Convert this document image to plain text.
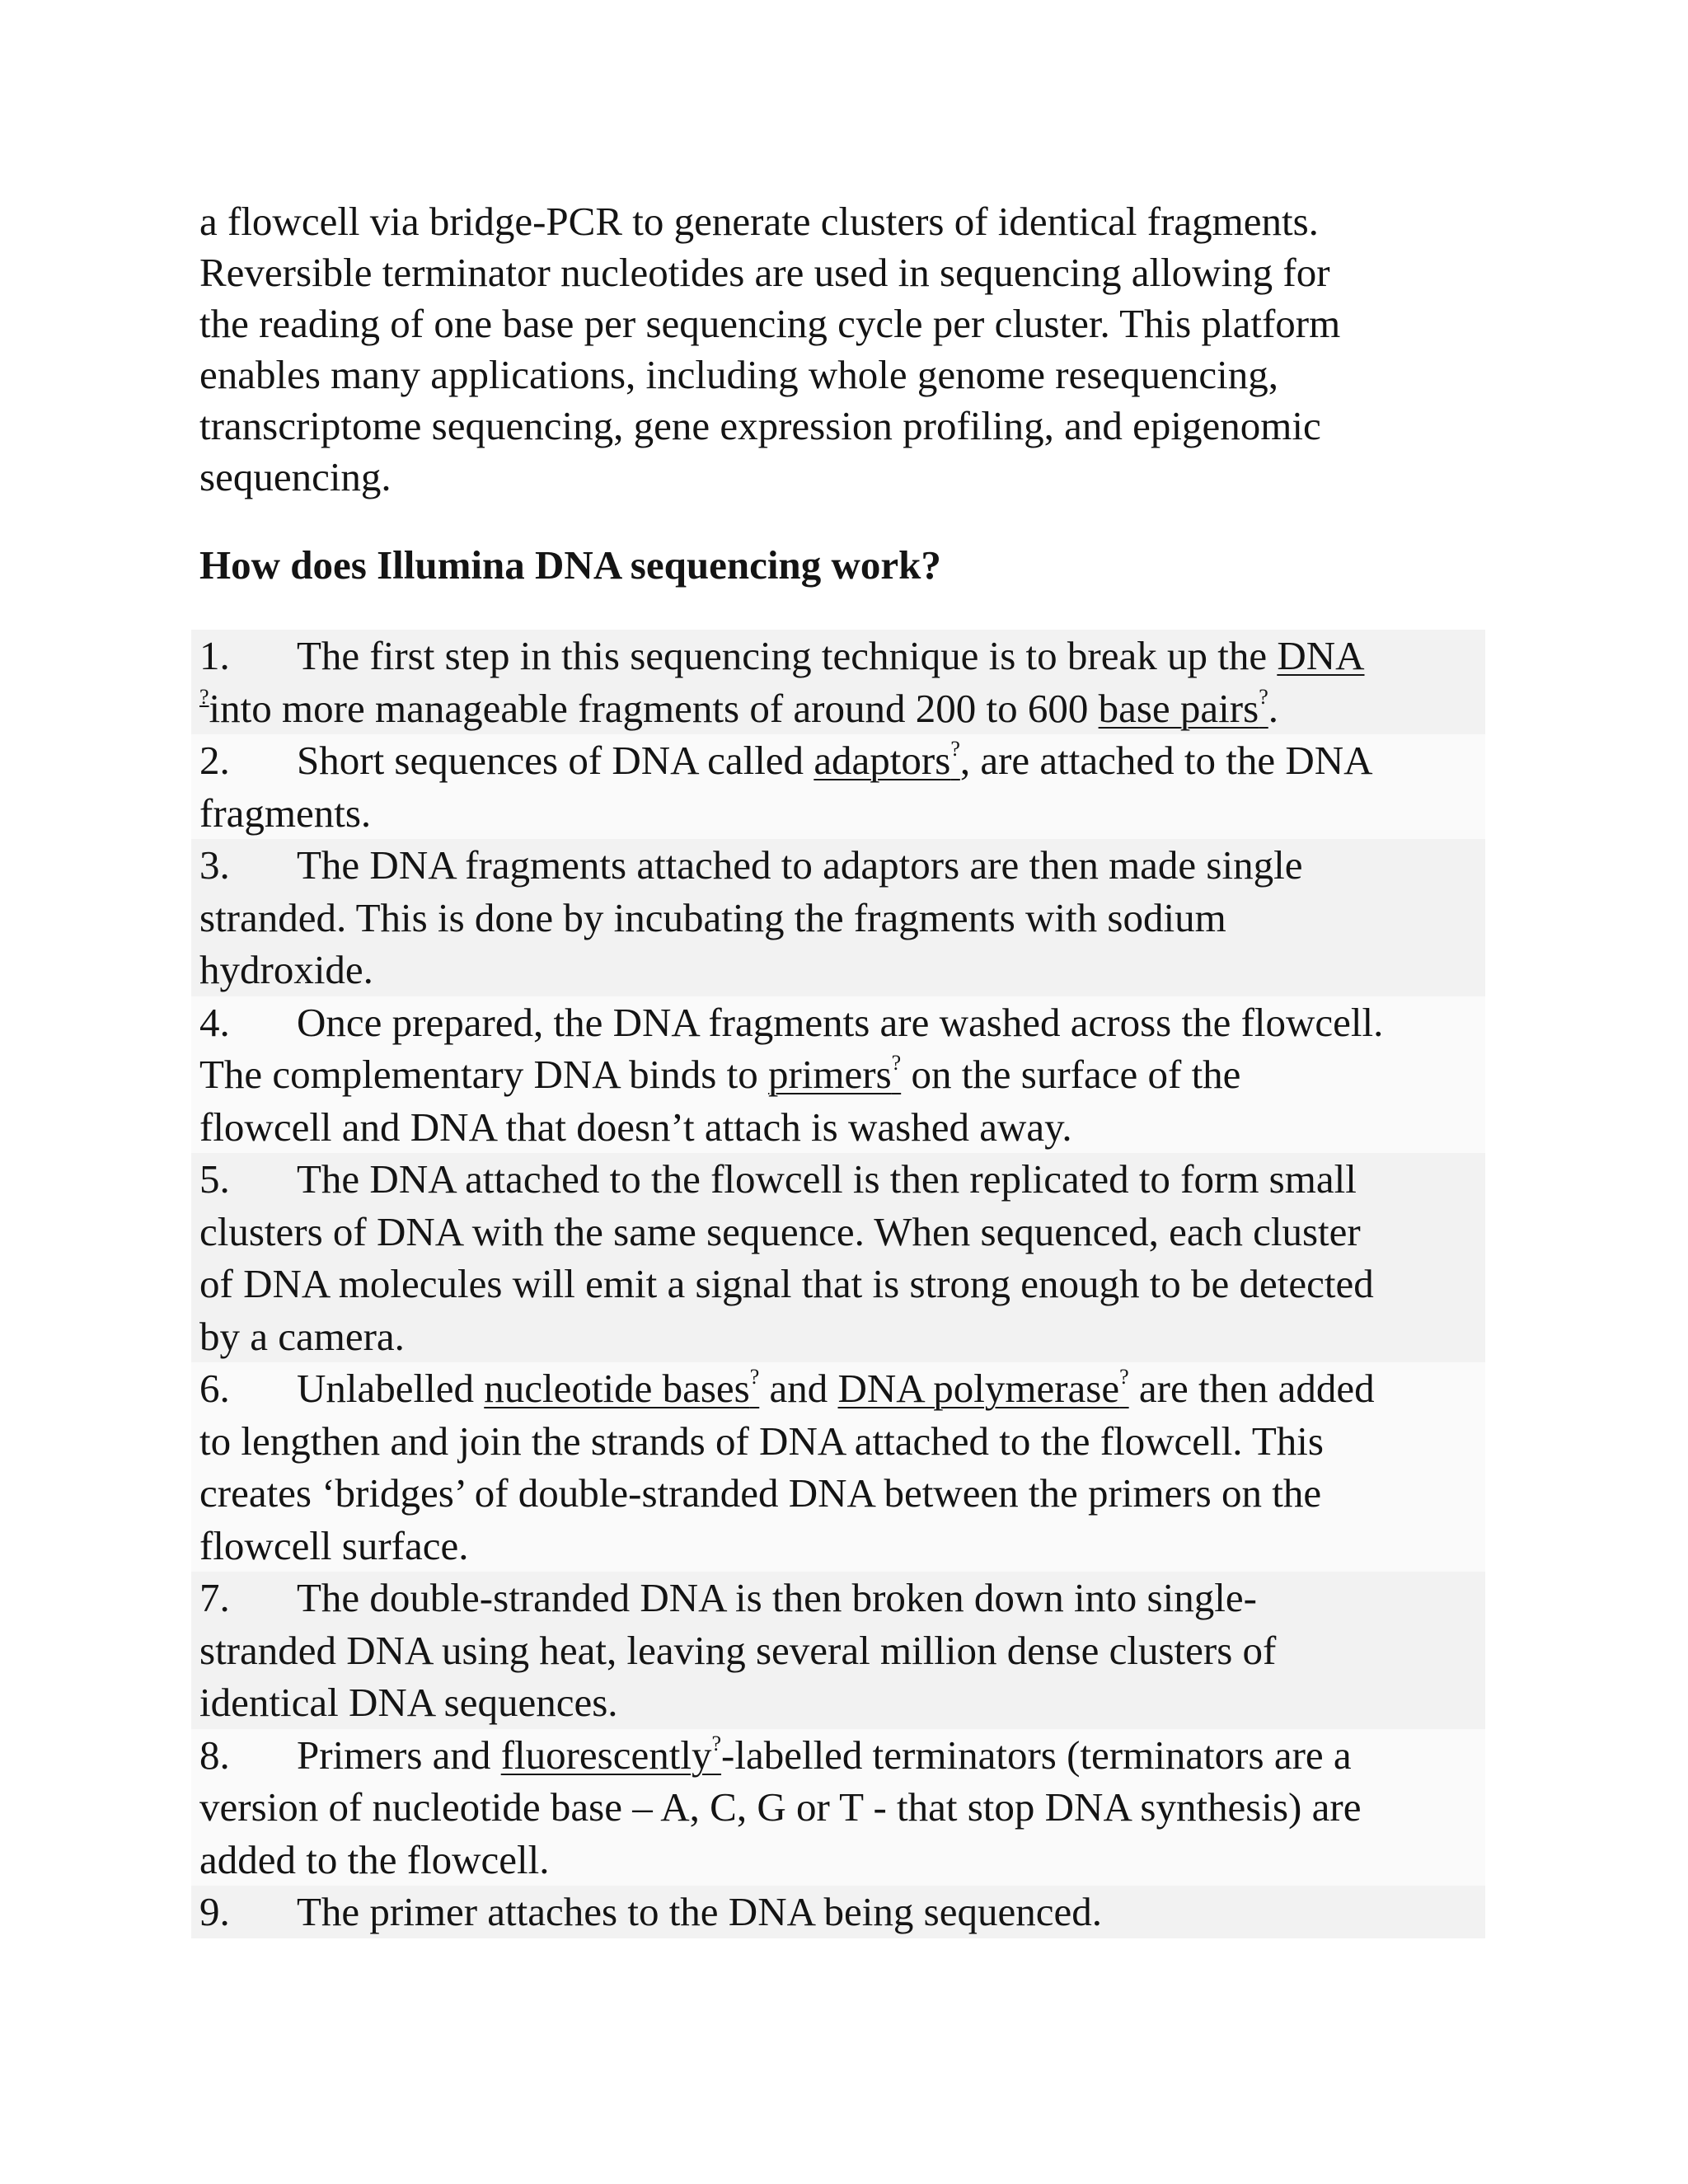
a flowcell via bridge-PCR to generate clusters of identical fragments.
Reversible terminator nucleotides are used in sequencing allowing for
the reading of one base per sequencing cycle per cluster. This platform
enables many applications, including whole genome resequencing,
transcriptome sequencing, gene expression profiling, and epigenomic
sequencing.
How does Illumina DNA sequencing work?
1. The first step in this sequencing technique is to break up the DNA
?into more manageable fragments of around 200 to 600 base pairs?.
2. Short sequences of DNA called adaptors?, are attached to the DNA
fragments.
3. The DNA fragments attached to adaptors are then made single
stranded. This is done by incubating the fragments with sodium
hydroxide.
4. Once prepared, the DNA fragments are washed across the flowcell.
The complementary DNA binds to primers? on the surface of the
flowcell and DNA that doesn’t attach is washed away.
5. The DNA attached to the flowcell is then replicated to form small
clusters of DNA with the same sequence. When sequenced, each cluster
of DNA molecules will emit a signal that is strong enough to be detected
by a camera.
6. Unlabelled nucleotide bases? and DNA polymerase? are then added
to lengthen and join the strands of DNA attached to the flowcell. This
creates ‘bridges’ of double-stranded DNA between the primers on the
flowcell surface.
7. The double-stranded DNA is then broken down into single-
stranded DNA using heat, leaving several million dense clusters of
identical DNA sequences.
8. Primers and fluorescently?-labelled terminators (terminators are a
version of nucleotide base – A, C, G or T - that stop DNA synthesis) are
added to the flowcell.
9. The primer attaches to the DNA being sequenced.
